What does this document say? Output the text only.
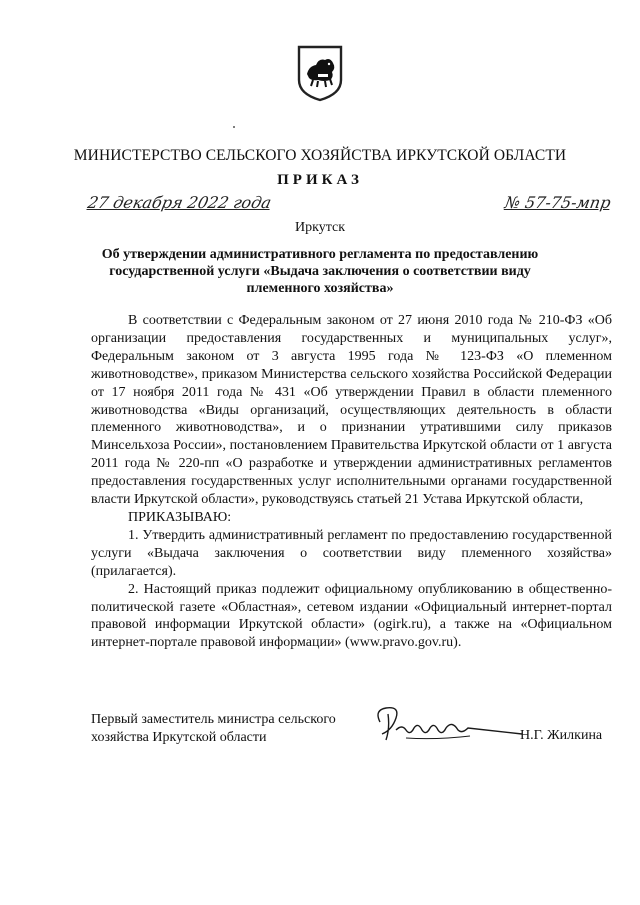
МИНИСТЕРСТВО СЕЛЬСКОГО ХОЗЯЙСТВА ИРКУТСКОЙ ОБЛАСТИ
ПРИКАЗ
27 декабря 2022 года	№ 57-75-мпр
Иркутск
Об утверждении административного регламента по предоставлению государственной услуги «Выдача заключения о соответствии виду племенного хозяйства»

В соответствии с Федеральным законом от 27 июня 2010 года № 210-ФЗ «Об организации предоставления государственных и муниципальных услуг», Федеральным законом от 3 августа 1995 года № 123-ФЗ «О племенном животноводстве», приказом Министерства сельского хозяйства Российской Федерации от 17 ноября 2011 года № 431 «Об утверждении Правил в области племенного животноводства «Виды организаций, осуществляющих деятельность в области племенного животноводства», и о признании утратившими силу приказов Минсельхоза России», постановлением Правительства Иркутской области от 1 августа 2011 года № 220-пп «О разработке и утверждении административных регламентов предоставления государственных услуг исполнительными органами государственной власти Иркутской области», руководствуясь статьей 21 Устава Иркутской области,

ПРИКАЗЫВАЮ:

1. Утвердить административный регламент по предоставлению государственной услуги «Выдача заключения о соответствии виду племенного хозяйства» (прилагается).

2. Настоящий приказ подлежит официальному опубликованию в общественно-политической газете «Областная», сетевом издании «Официальный интернет-портал правовой информации Иркутской области» (ogirk.ru), а также на «Официальном интернет-портале правовой информации» (www.pravo.gov.ru).

Первый заместитель министра сельского хозяйства Иркутской области	Н.Г. Жилкина
